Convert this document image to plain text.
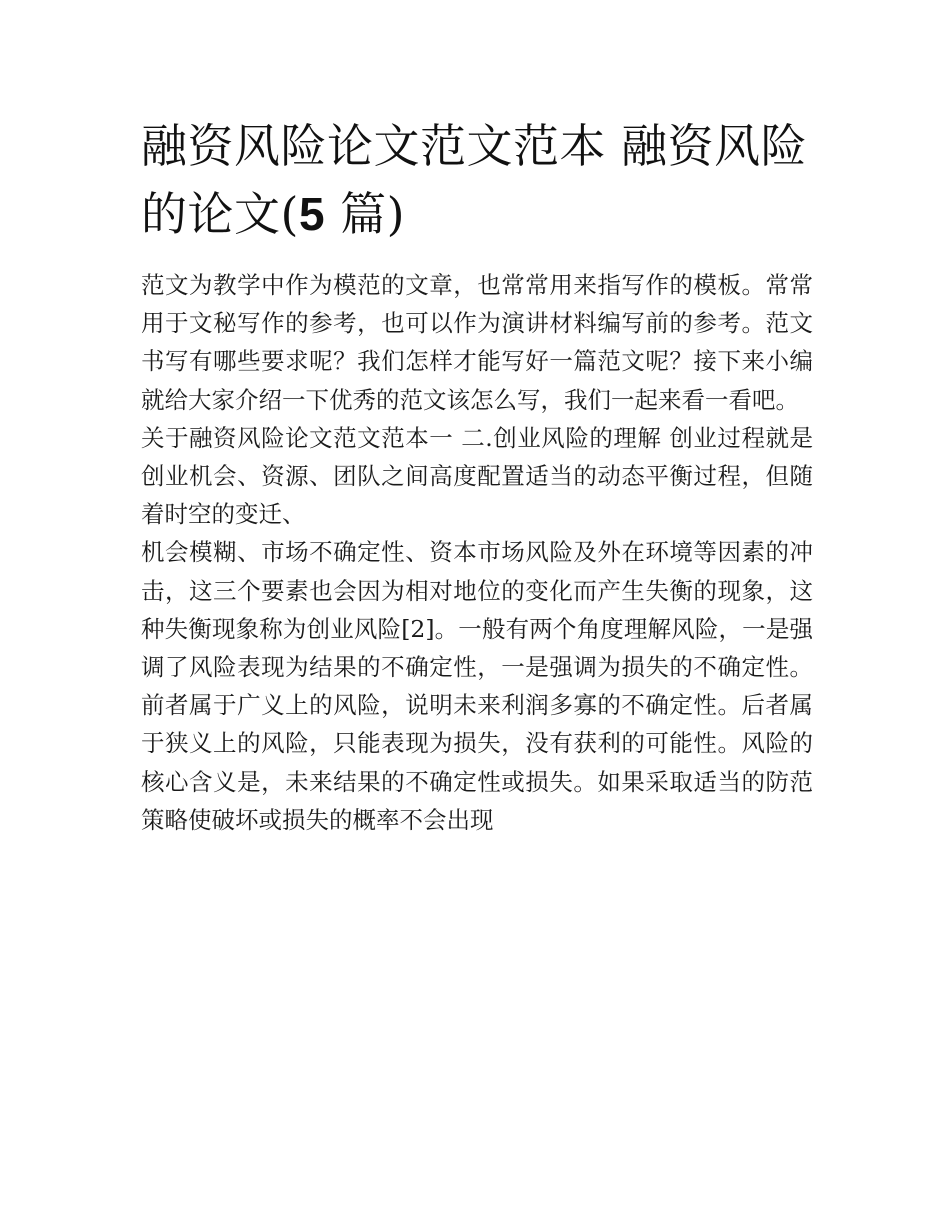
融资风险论文范文范本 融资风险的论文(5 篇)

范文为教学中作为模范的文章，也常常用来指写作的模板。常常用于文秘写作的参考，也可以作为演讲材料编写前的参考。范文书写有哪些要求呢？我们怎样才能写好一篇范文呢？接下来小编就给大家介绍一下优秀的范文该怎么写，我们一起来看一看吧。

关于融资风险论文范文范本一 二.创业风险的理解 创业过程就是创业机会、资源、团队之间高度配置适当的动态平衡过程，但随着时空的变迁、

机会模糊、市场不确定性、资本市场风险及外在环境等因素的冲击，这三个要素也会因为相对地位的变化而产生失衡的现象，这种失衡现象称为创业风险[2]。一般有两个角度理解风险，一是强调了风险表现为结果的不确定性，一是强调为损失的不确定性。前者属于广义上的风险，说明未来利润多寡的不确定性。后者属于狭义上的风险，只能表现为损失，没有获利的可能性。风险的核心含义是，未来结果的不确定性或损失。如果采取适当的防范策略使破坏或损失的概率不会出现
